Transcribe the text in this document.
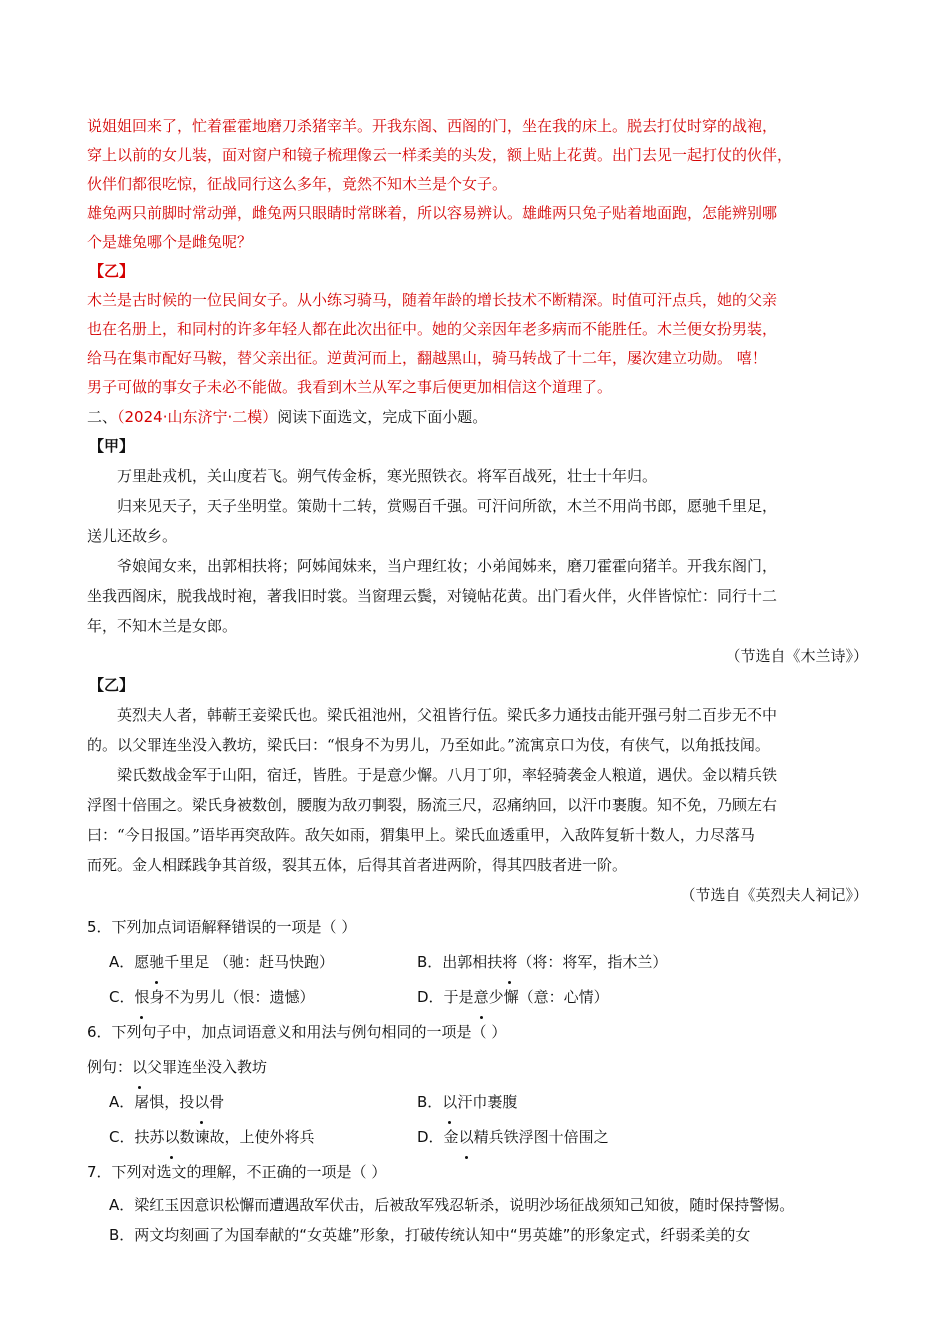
说姐姐回来了，忙着霍霍地磨刀杀猪宰羊。开我东阁、西阁的门，坐在我的床上。脱去打仗时穿的战袍，
穿上以前的女儿装，面对窗户和镜子梳理像云一样柔美的头发，额上贴上花黄。出门去见一起打仗的伙伴，
伙伴们都很吃惊，征战同行这么多年，竟然不知木兰是个女子。
雄兔两只前脚时常动弹，雌兔两只眼睛时常眯着，所以容易辨认。雄雌两只兔子贴着地面跑，怎能辨别哪
个是雄兔哪个是雌兔呢？
【乙】
木兰是古时候的一位民间女子。从小练习骑马，随着年龄的增长技术不断精深。时值可汗点兵，她的父亲
也在名册上，和同村的许多年轻人都在此次出征中。她的父亲因年老多病而不能胜任。木兰便女扮男装，
给马在集市配好马鞍，替父亲出征。逆黄河而上，翻越黑山，骑马转战了十二年，屡次建立功勋。 嘻！
男子可做的事女子未必不能做。我看到木兰从军之事后便更加相信这个道理了。
二、（2024·山东济宁·二模）阅读下面选文，完成下面小题。
【甲】

万里赴戎机，关山度若飞。朔气传金柝，寒光照铁衣。将军百战死，壮士十年归。

归来见天子，天子坐明堂。策勋十二转，赏赐百千强。可汗问所欲，木兰不用尚书郎，愿驰千里足，

送儿还故乡。

爷娘闻女来，出郭相扶将；阿姊闻妹来，当户理红妆；小弟闻姊来，磨刀霍霍向猪羊。开我东阁门，

坐我西阁床，脱我战时袍，著我旧时裳。当窗理云鬓，对镜帖花黄。出门看火伴，火伴皆惊忙：同行十二

年，不知木兰是女郎。

（节选自《木兰诗》）
【乙】

英烈夫人者，韩蕲王妾梁氏也。梁氏祖池州，父祖皆行伍。梁氏多力通技击能开强弓射二百步无不中

的。以父罪连坐没入教坊，梁氏曰：“恨身不为男儿，乃至如此。”流寓京口为伎，有侠气，以角抵技闻。

梁氏数战金军于山阳，宿迁，皆胜。于是意少懈。八月丁卯，率轻骑袭金人粮道，遇伏。金以精兵铁

浮图十倍围之。梁氏身被数创，腰腹为敌刃剚裂，肠流三尺，忍痛纳回，以汗巾裹腹。知不免，乃顾左右

曰：“今日报国。”语毕再突敌阵。敌矢如雨，猬集甲上。梁氏血透重甲，入敌阵复斩十数人，力尽落马

而死。金人相蹂践争其首级，裂其五体，后得其首者进两阶，得其四肢者进一阶。

（节选自《英烈夫人祠记》）
5．下列加点词语解释错误的一项是（ ）
A．愿驰千里足 （驰：赶马快跑）	B．出郭相扶将（将：将军，指木兰）
C．恨身不为男儿（恨：遗憾）	D．于是意少懈（意：心情）
6．下列句子中，加点词语意义和用法与例句相同的一项是（ ）
例句：以父罪连坐没入教坊
A．屠惧，投以骨	B．以汗巾裹腹
C．扶苏以数谏故，上使外将兵	D．金以精兵铁浮图十倍围之
7．下列对选文的理解，不正确的一项是（ ）
A．梁红玉因意识松懈而遭遇敌军伏击，后被敌军残忍斩杀，说明沙场征战须知己知彼，随时保持警惕。
B．两文均刻画了为国奉献的“女英雄”形象，打破传统认知中“男英雄”的形象定式，纤弱柔美的女
